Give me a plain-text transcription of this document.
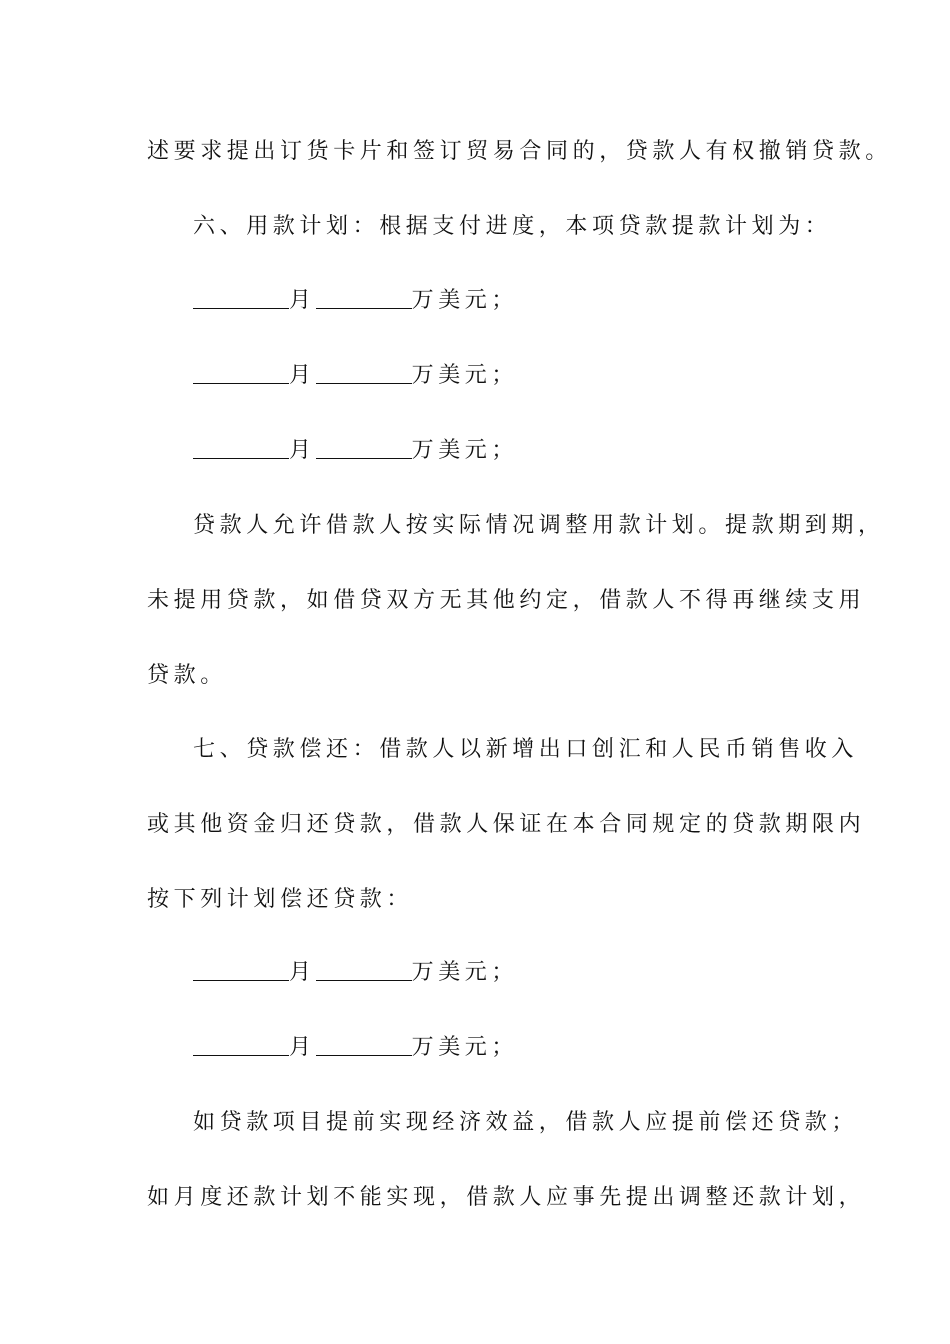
述要求提出订货卡片和签订贸易合同的，贷款人有权撤销贷款。
六、用款计划：根据支付进度，本项贷款提款计划为：
月	万美元；
月	万美元；
月	万美元；
贷款人允许借款人按实际情况调整用款计划。提款期到期，
未提用贷款，如借贷双方无其他约定，借款人不得再继续支用
贷款。
七、贷款偿还：借款人以新增出口创汇和人民币销售收入
或其他资金归还贷款，借款人保证在本合同规定的贷款期限内
按下列计划偿还贷款：
月	万美元；
月	万美元；
如贷款项目提前实现经济效益，借款人应提前偿还贷款；
如月度还款计划不能实现，借款人应事先提出调整还款计划，
